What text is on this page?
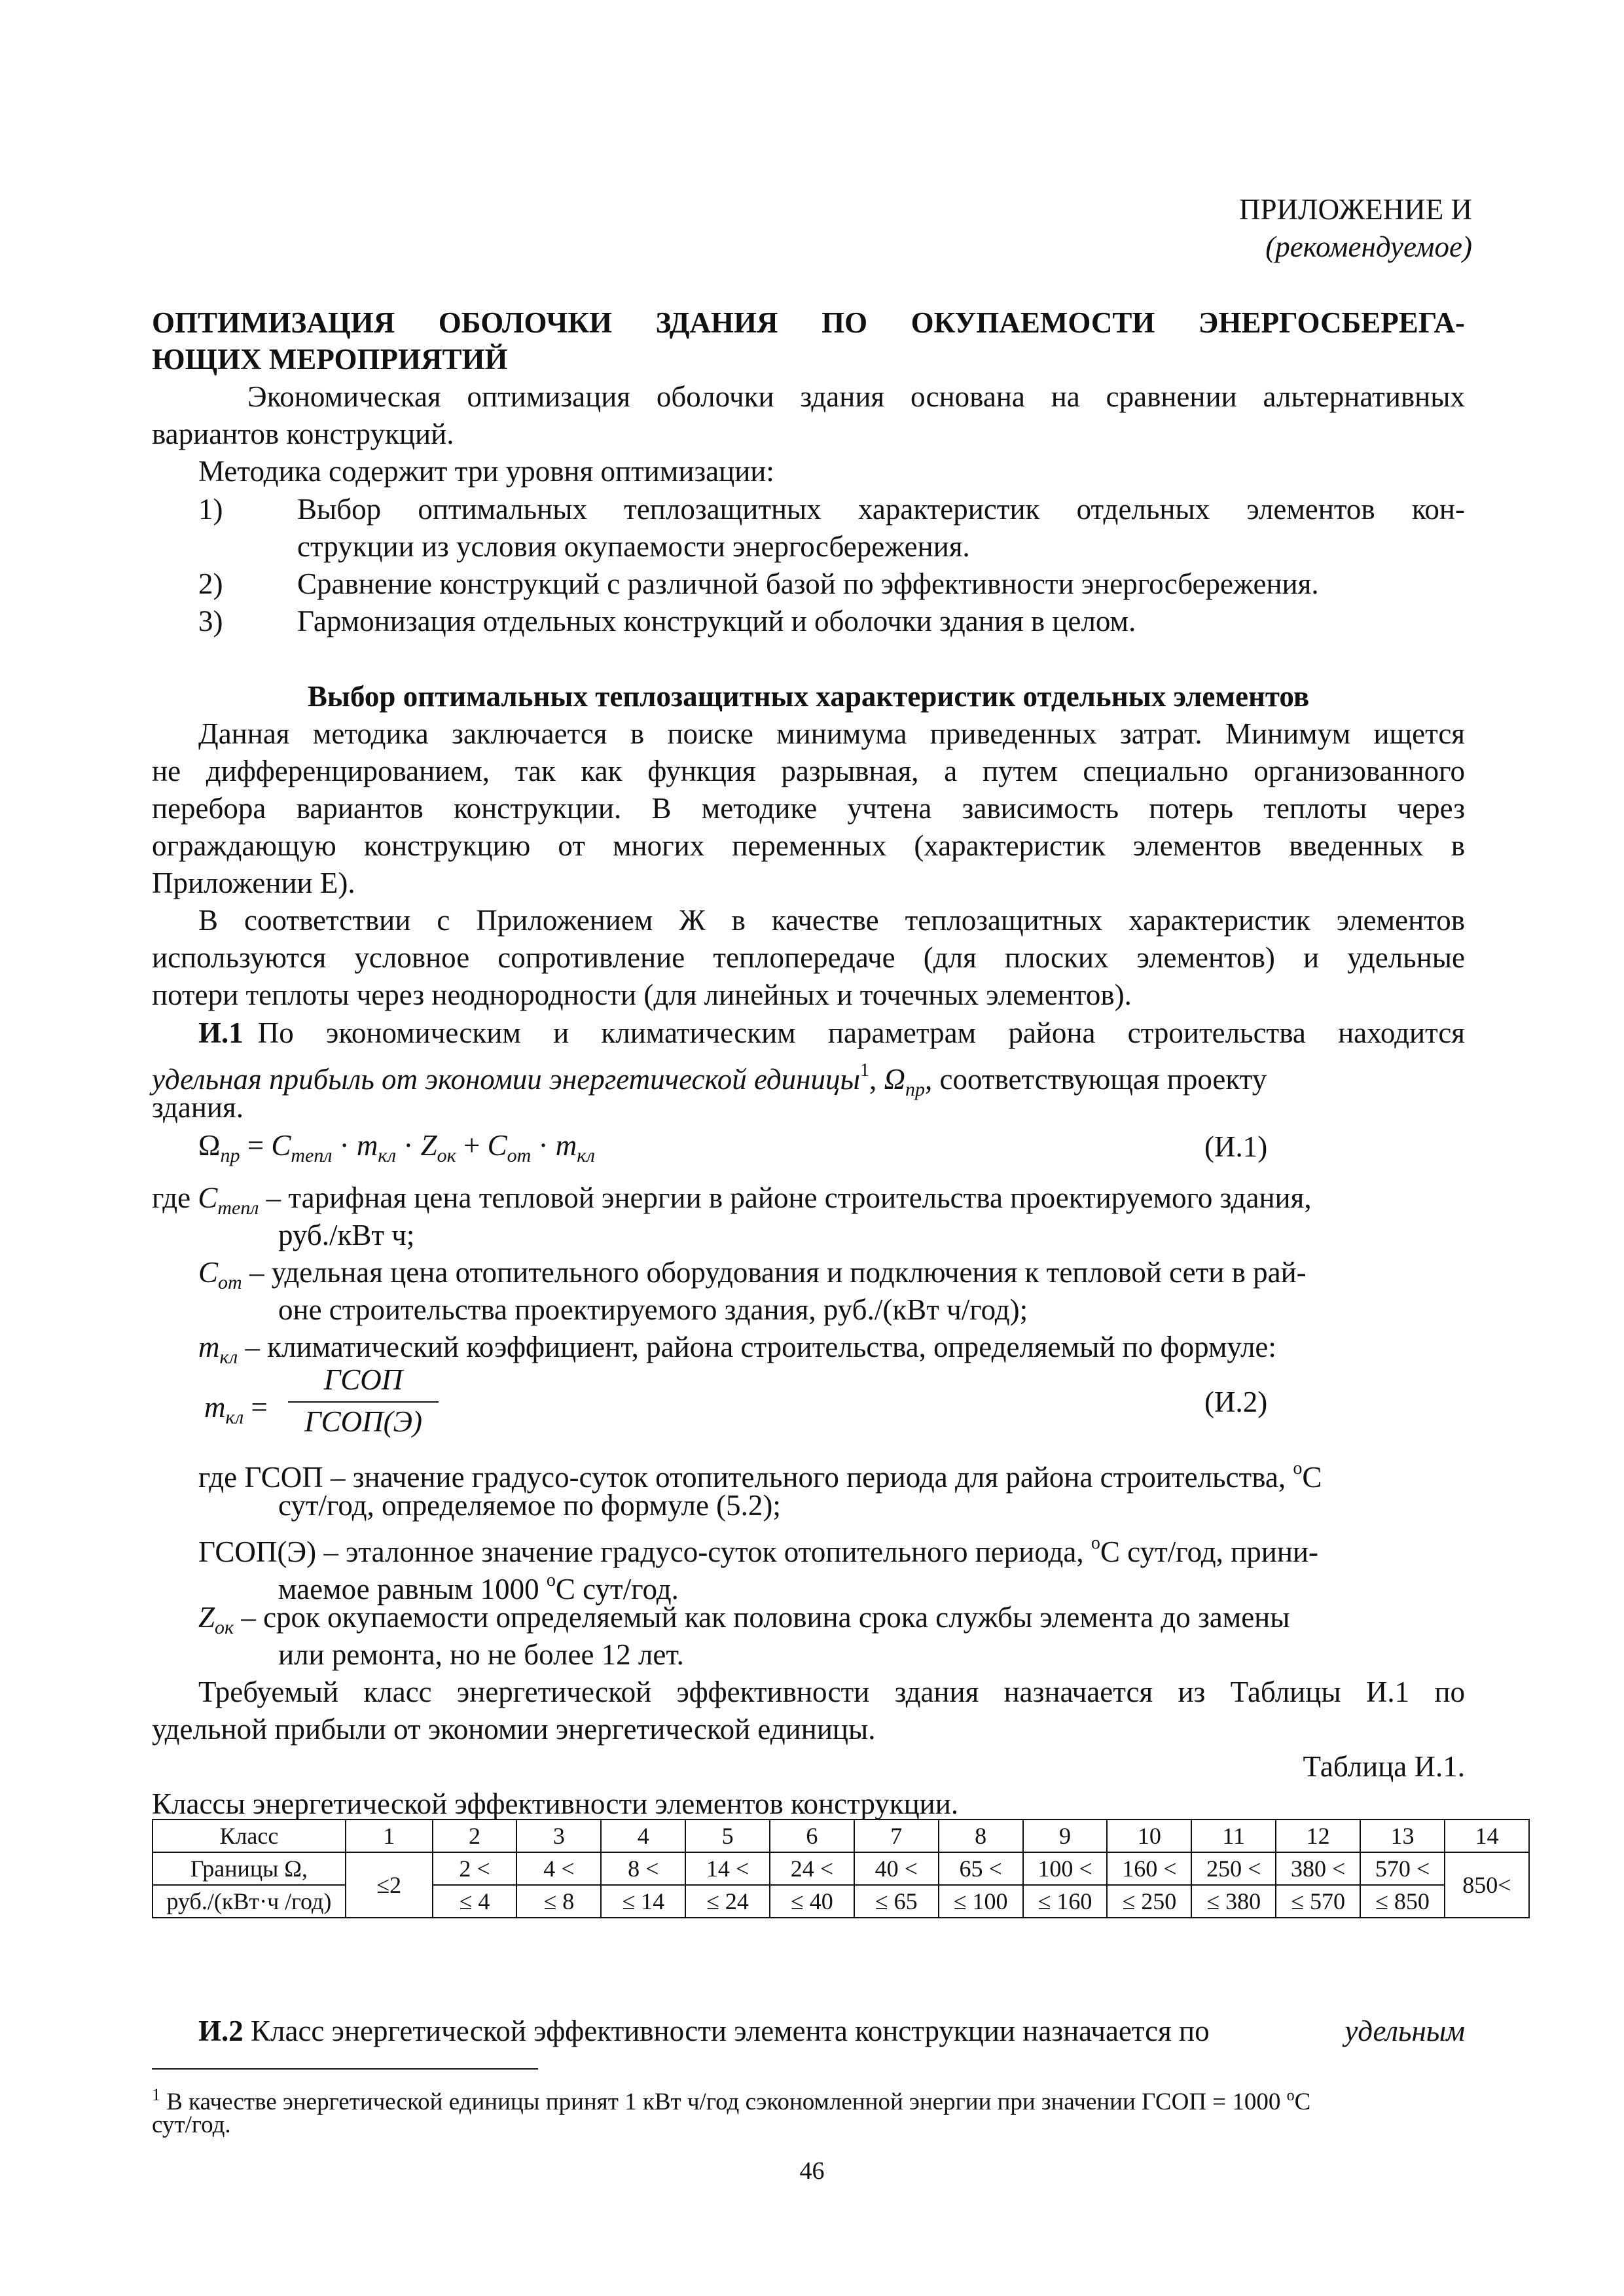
ПРИЛОЖЕНИЕ И
(рекомендуемое)
ОПТИМИЗАЦИЯ ОБОЛОЧКИ ЗДАНИЯ ПО ОКУПАЕМОСТИ ЭНЕРГОСБЕРЕГА-
ЮЩИХ МЕРОПРИЯТИЙ
Экономическая оптимизация оболочки здания основана на сравнении альтернативных
вариантов конструкций.
Методика содержит три уровня оптимизации:
1)	Выбор оптимальных теплозащитных характеристик отдельных элементов кон-
струкции из условия окупаемости энергосбережения.
2)	Сравнение конструкций с различной базой по эффективности энергосбережения.
3)	Гармонизация отдельных конструкций и оболочки здания в целом.
Выбор оптимальных теплозащитных характеристик отдельных элементов
Данная методика заключается в поиске минимума приведенных затрат. Минимум ищется
не дифференцированием, так как функция разрывная, а путем специально организованного
перебора вариантов конструкции. В методике учтена зависимость потерь теплоты через
ограждающую конструкцию от многих переменных (характеристик элементов введенных в
Приложении Е).
В соответствии с Приложением Ж в качестве теплозащитных характеристик элементов
используются условное сопротивление теплопередаче (для плоских элементов) и удельные
потери теплоты через неоднородности (для линейных и точечных элементов).
И.1 По экономическим и климатическим параметрам района строительства находится
удельная прибыль от экономии энергетической единицы$^1$, $\Omega_{пр}$, соответствующая проекту
здания.
$\Omega_{пр} = C_{тепл} \cdot m_{кл} \cdot Z_{ок} + C_{от} \cdot m_{кл}$	(И.1)
где $C_{тепл}$ – тарифная цена тепловой энергии в районе строительства проектируемого здания,
руб./кВт ч;
$C_{от}$ – удельная цена отопительного оборудования и подключения к тепловой сети в рай-
оне строительства проектируемого здания, руб./(кВт ч/год);
$m_{кл}$ – климатический коэффициент, района строительства, определяемый по формуле:
$m_{кл}$ =
ГСОП
ГСОП(Э)
(И.2)
где ГСОП – значение градусо-суток отопительного периода для района строительства, $^o$C
сут/год, определяемое по формуле (5.2);
ГСОП(Э) – эталонное значение градусо-суток отопительного периода, $^o$C сут/год, прини-
маемое равным 1000 $^o$C сут/год.
$Z_{ок}$ – срок окупаемости определяемый как половина срока службы элемента до замены
или ремонта, но не более 12 лет.
Требуемый класс энергетической эффективности здания назначается из Таблицы И.1 по
удельной прибыли от экономии энергетической единицы.
Таблица И.1.
Классы энергетической эффективности элементов конструкции.
Класс	1	2	3	4	5	6	7	8	9	10	11	12	13	14
Границы Ω,	≤2	2 <	4 <	8 <	14 <	24 <	40 <	65 <	100 <	160 <	250 <	380 <	570 <	850<
руб./(кВт·ч /год)		≤ 4	≤ 8	≤ 14	≤ 24	≤ 40	≤ 65	≤ 100	≤ 160	≤ 250	≤ 380	≤ 570	≤ 850	
И.2 Класс энергетической эффективности элемента конструкции назначается по	удельным
$^1$ В качестве энергетической единицы принят 1 кВт ч/год сэкономленной энергии при значении ГСОП = 1000 $^o$C
сут/год.
46
